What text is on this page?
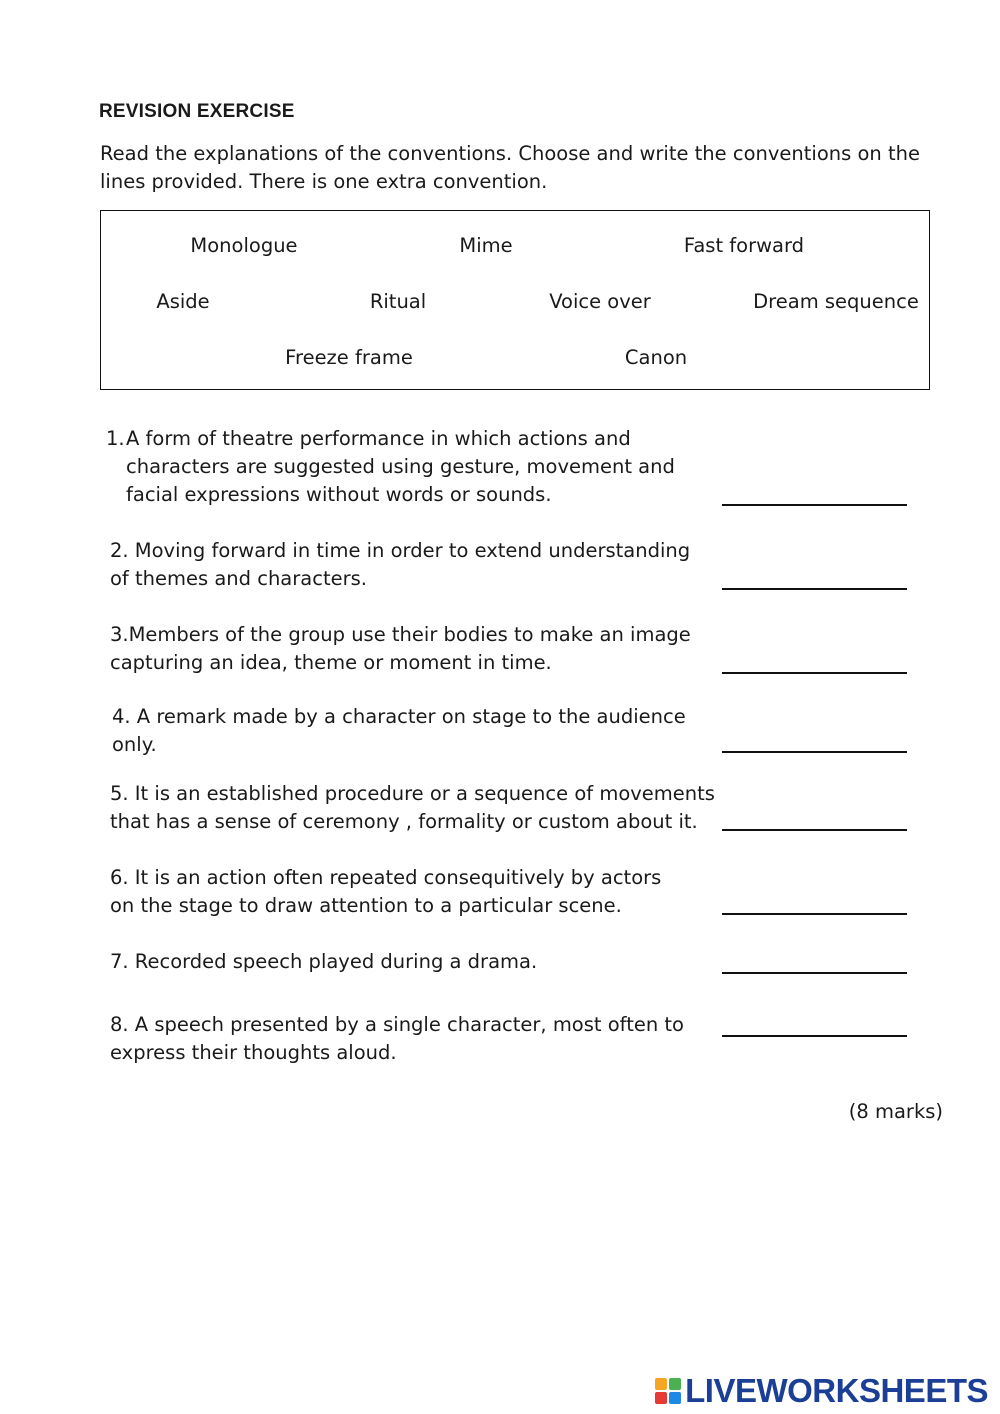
REVISION EXERCISE
Read the explanations of the conventions. Choose and write the conventions on the
lines provided. There is one extra convention.
Monologue	Mime	Fast forward
Aside	Ritual	Voice over	Dream sequence
Freeze frame	Canon
1. A form of theatre performance in which actions and
characters are suggested using gesture, movement and
facial expressions without words or sounds.
2. Moving forward in time in order to extend understanding
of themes and characters.
3.Members of the group use their bodies to make an image
capturing an idea, theme or moment in time.
4. A remark made by a character on stage to the audience
only.
5. It is an established procedure or a sequence of movements
that has a sense of ceremony , formality or custom about it.
6. It is an action often repeated consequitively by actors
on the stage to draw attention to a particular scene.
7. Recorded speech played during a drama.
8. A speech presented by a single character, most often to
express their thoughts aloud.
(8 marks)
LIVEWORKSHEETS
